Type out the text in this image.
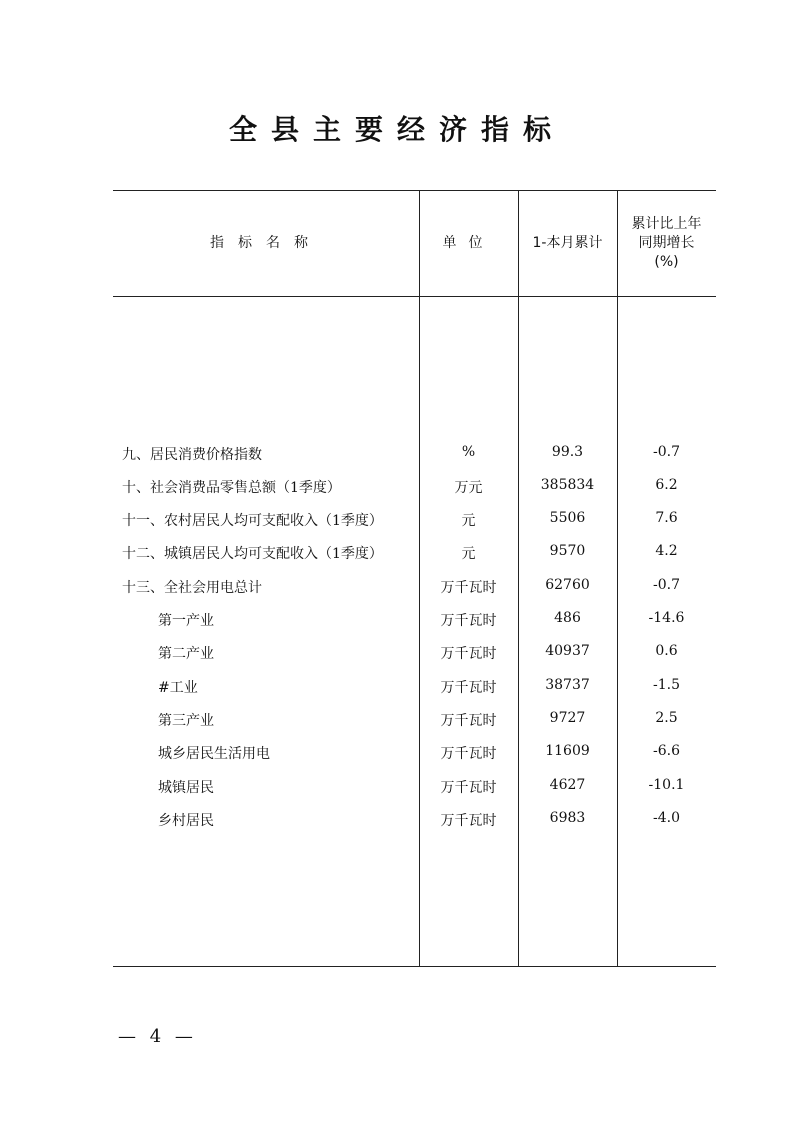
全县主要经济指标
指标名称	单位	1-本月累计
累计比上年
同期增长
(%)
九、居民消费价格指数	%	99.3	-0.7
十、社会消费品零售总额（1季度）	万元	385834	6.2
十一、农村居民人均可支配收入（1季度）	元	5506	7.6
十二、城镇居民人均可支配收入（1季度）	元	9570	4.2
十三、全社会用电总计	万千瓦时	62760	-0.7
第一产业	万千瓦时	486	-14.6
第二产业	万千瓦时	40937	0.6
#工业	万千瓦时	38737	-1.5
第三产业	万千瓦时	9727	2.5
城乡居民生活用电	万千瓦时	11609	-6.6
城镇居民	万千瓦时	4627	-10.1
乡村居民	万千瓦时	6983	-4.0
— 4 —
